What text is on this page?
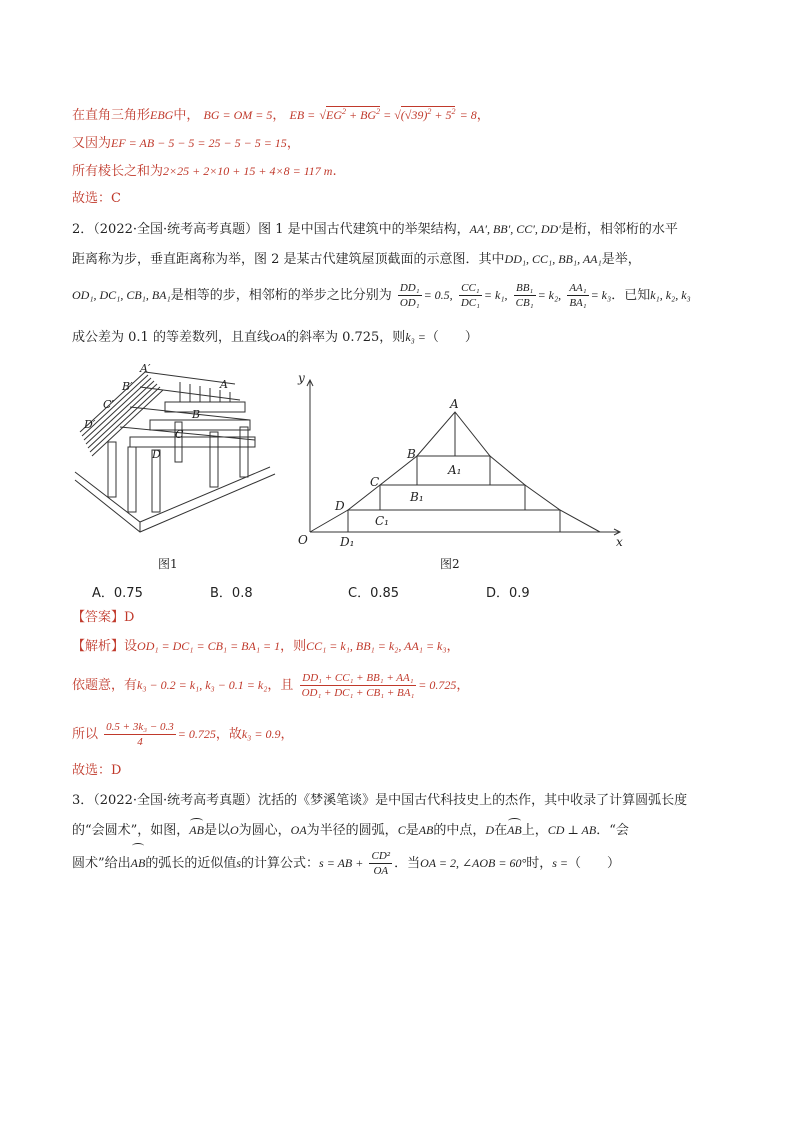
在直角三角形EBG中， BG = OM = 5， EB = $√EG^2 + BG^2 = √(√39)^2 + 5^2 = 8$，
又因为EF = AB − 5 − 5 = 25 − 5 − 5 = 15，
所有棱长之和为2×25 + 2×10 + 15 + 4×8 = 117 m.
故选：C
2．（2022·全国·统考高考真题）图 1 是中国古代建筑中的举架结构，AA′, BB′, CC′, DD′是桁，相邻桁的水平
距离称为步，垂直距离称为举，图 2 是某古代建筑屋顶截面的示意图．其中DD₁, CC₁, BB₁, AA₁是举，
OD₁, DC₁, CB₁, BA₁是相等的步，相邻桁的举步之比分别为 $\frac{\text{DD₁}}{\text{OD₁}} = 0.5$, $\frac{\text{CC₁}}{\text{DC₁}} = k_1$, $\frac{\text{BB₁}}{\text{CB₁}} = k_2$, $\frac{\text{AA₁}}{\text{BA₁}} = k_3$．已知k₁, k₂, k₃
成公差为 0.1 的等差数列，且直线OA的斜率为 0.725，则k₃ =（　　）
A′
B′
C′
D′
A
B
C
D
图1
y
x
O
A
B
C
D
A₁
B₁
C₁
D₁
图2
A．0.75	B．0.8	C．0.85	D．0.9
【答案】D
【解析】设OD₁ = DC₁ = CB₁ = BA₁ = 1，则CC₁ = k₁, BB₁ = k₂, AA₁ = k₃，
依题意，有k₃ − 0.2 = k₁, k₃ − 0.1 = k₂，且 $\frac{\text{DD₁ + CC₁ + BB₁ + AA₁}}{\text{OD₁ + DC₁ + CB₁ + BA₁}} = 0.725$，
所以 $\frac{\text{0.5 + 3k₃ − 0.3}}{4} = 0.725$，故k₃ = 0.9，
故选：D
3．（2022·全国·统考高考真题）沈括的《梦溪笔谈》是中国古代科技史上的杰作，其中收录了计算圆弧长度
的“会圆术”，如图，AB是以O为圆心，OA为半径的圆弧，C是AB的中点，D在AB上，CD ⊥ AB．“会
圆术”给出AB的弧长的近似值s的计算公式：s = AB + $\frac{\text{CD²}}{OA}$ ．当OA = 2, ∠AOB = 60°时，s =（　　）
